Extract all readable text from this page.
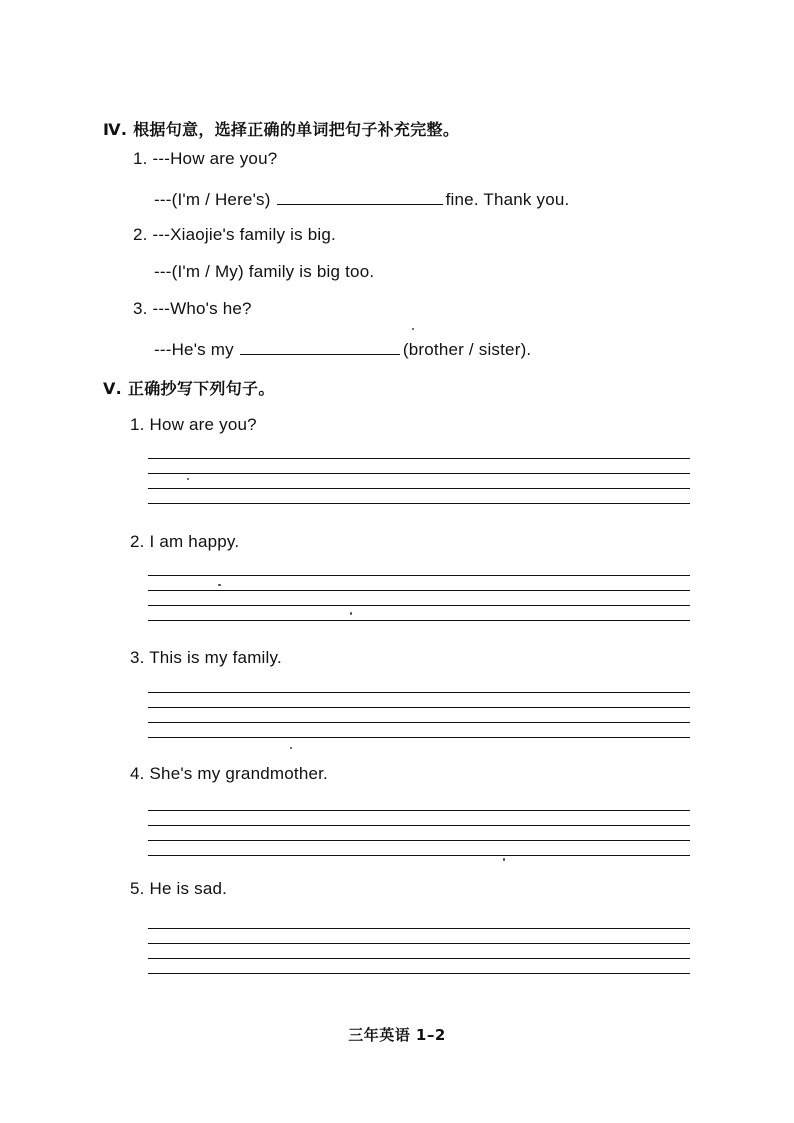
Ⅳ. 根据句意，选择正确的单词把句子补充完整。
1. ---How are you?
---(I'm / Here's)	fine. Thank you.
2. ---Xiaojie's family is big.
---(I'm / My) family is big too.
3. ---Who's he?
---He's my	(brother / sister).
Ⅴ. 正确抄写下列句子。
1. How are you?
2. I am happy.
3. This is my family.
4. She's my grandmother.
5. He is sad.
三年英语 1–2
